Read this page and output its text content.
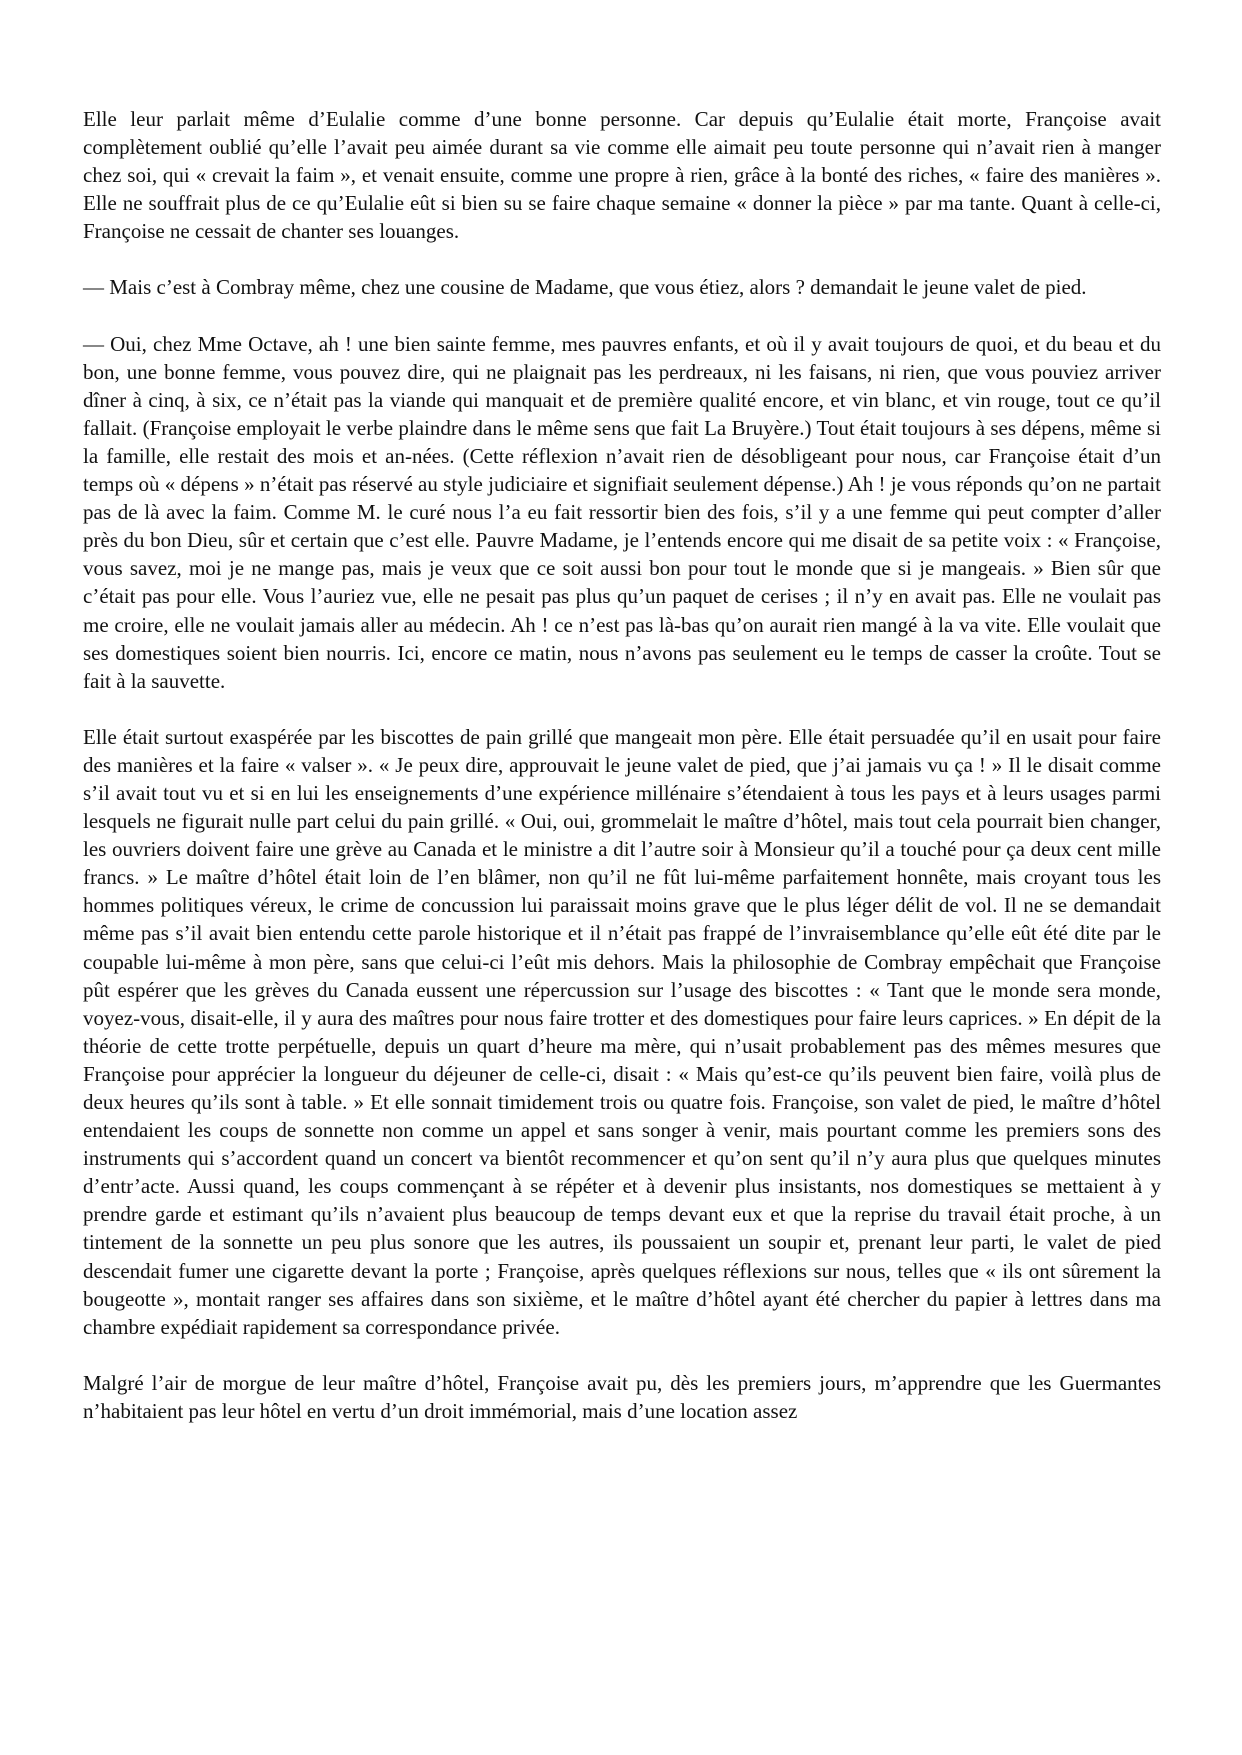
Elle leur parlait même d’Eulalie comme d’une bonne personne. Car depuis qu’Eulalie était morte, Françoise avait complètement oublié qu’elle l’avait peu aimée durant sa vie comme elle aimait peu toute personne qui n’avait rien à manger chez soi, qui « crevait la faim », et venait ensuite, comme une propre à rien, grâce à la bonté des riches, « faire des manières ». Elle ne souffrait plus de ce qu’Eulalie eût si bien su se faire chaque semaine « donner la pièce » par ma tante. Quant à celle-ci, Françoise ne cessait de chanter ses louanges.

— Mais c’est à Combray même, chez une cousine de Madame, que vous étiez, alors ? demandait le jeune valet de pied.

— Oui, chez Mme Octave, ah ! une bien sainte femme, mes pauvres enfants, et où il y avait toujours de quoi, et du beau et du bon, une bonne femme, vous pouvez dire, qui ne plaignait pas les perdreaux, ni les faisans, ni rien, que vous pouviez arriver dîner à cinq, à six, ce n’était pas la viande qui manquait et de première qualité encore, et vin blanc, et vin rouge, tout ce qu’il fallait. (Françoise employait le verbe plaindre dans le même sens que fait La Bruyère.) Tout était toujours à ses dépens, même si la famille, elle restait des mois et an-nées. (Cette réflexion n’avait rien de désobligeant pour nous, car Françoise était d’un temps où « dépens » n’était pas réservé au style judiciaire et signifiait seulement dépense.) Ah ! je vous réponds qu’on ne partait pas de là avec la faim. Comme M. le curé nous l’a eu fait ressortir bien des fois, s’il y a une femme qui peut compter d’aller près du bon Dieu, sûr et certain que c’est elle. Pauvre Madame, je l’entends encore qui me disait de sa petite voix : « Françoise, vous savez, moi je ne mange pas, mais je veux que ce soit aussi bon pour tout le monde que si je mangeais. » Bien sûr que c’était pas pour elle. Vous l’auriez vue, elle ne pesait pas plus qu’un paquet de cerises ; il n’y en avait pas. Elle ne voulait pas me croire, elle ne voulait jamais aller au médecin. Ah ! ce n’est pas là-bas qu’on aurait rien mangé à la va vite. Elle voulait que ses domestiques soient bien nourris. Ici, encore ce matin, nous n’avons pas seulement eu le temps de casser la croûte. Tout se fait à la sauvette.

Elle était surtout exaspérée par les biscottes de pain grillé que mangeait mon père. Elle était persuadée qu’il en usait pour faire des manières et la faire « valser ». « Je peux dire, approuvait le jeune valet de pied, que j’ai jamais vu ça ! » Il le disait comme s’il avait tout vu et si en lui les enseignements d’une expérience millénaire s’étendaient à tous les pays et à leurs usages parmi lesquels ne figurait nulle part celui du pain grillé. « Oui, oui, grommelait le maître d’hôtel, mais tout cela pourrait bien changer, les ouvriers doivent faire une grève au Canada et le ministre a dit l’autre soir à Monsieur qu’il a touché pour ça deux cent mille francs. » Le maître d’hôtel était loin de l’en blâmer, non qu’il ne fût lui-même parfaitement honnête, mais croyant tous les hommes politiques véreux, le crime de concussion lui paraissait moins grave que le plus léger délit de vol. Il ne se demandait même pas s’il avait bien entendu cette parole historique et il n’était pas frappé de l’invraisemblance qu’elle eût été dite par le coupable lui-même à mon père, sans que celui-ci l’eût mis dehors. Mais la philosophie de Combray empêchait que Françoise pût espérer que les grèves du Canada eussent une répercussion sur l’usage des biscottes : « Tant que le monde sera monde, voyez-vous, disait-elle, il y aura des maîtres pour nous faire trotter et des domestiques pour faire leurs caprices. » En dépit de la théorie de cette trotte perpétuelle, depuis un quart d’heure ma mère, qui n’usait probablement pas des mêmes mesures que Françoise pour apprécier la longueur du déjeuner de celle-ci, disait : « Mais qu’est-ce qu’ils peuvent bien faire, voilà plus de deux heures qu’ils sont à table. » Et elle sonnait timidement trois ou quatre fois. Françoise, son valet de pied, le maître d’hôtel entendaient les coups de sonnette non comme un appel et sans songer à venir, mais pourtant comme les premiers sons des instruments qui s’accordent quand un concert va bientôt recommencer et qu’on sent qu’il n’y aura plus que quelques minutes d’entr’acte. Aussi quand, les coups commençant à se répéter et à devenir plus insistants, nos domestiques se mettaient à y prendre garde et estimant qu’ils n’avaient plus beaucoup de temps devant eux et que la reprise du travail était proche, à un tintement de la sonnette un peu plus sonore que les autres, ils poussaient un soupir et, prenant leur parti, le valet de pied descendait fumer une cigarette devant la porte ; Françoise, après quelques réflexions sur nous, telles que « ils ont sûrement la bougeotte », montait ranger ses affaires dans son sixième, et le maître d’hôtel ayant été chercher du papier à lettres dans ma chambre expédiait rapidement sa correspondance privée.

Malgré l’air de morgue de leur maître d’hôtel, Françoise avait pu, dès les premiers jours, m’apprendre que les Guermantes n’habitaient pas leur hôtel en vertu d’un droit immémorial, mais d’une location assez
